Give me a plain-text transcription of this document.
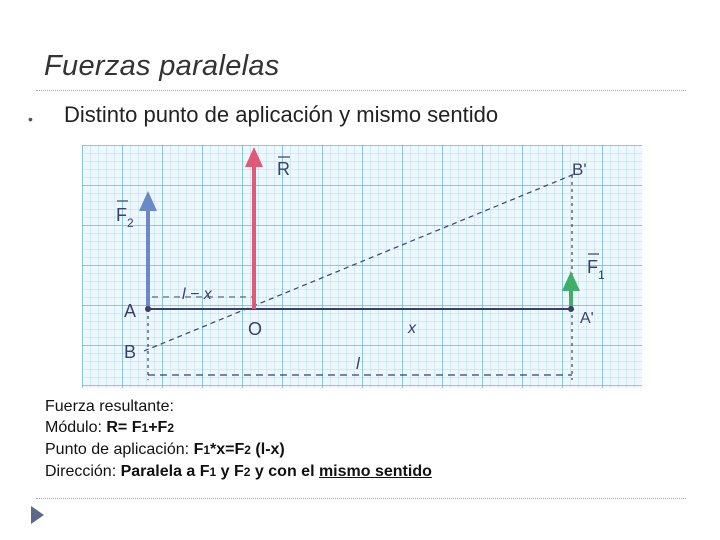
Fuerzas paralelas
• Distinto punto de aplicación y mismo sentido
R	B'
F 2
F 1
A	A'
O
B
l − x
x
l
Fuerza resultante:
Módulo: R= F1+F2
Punto de aplicación: F1*x=F2 (l-x)
Dirección: Paralela a F1 y F2 y con el mismo sentido
